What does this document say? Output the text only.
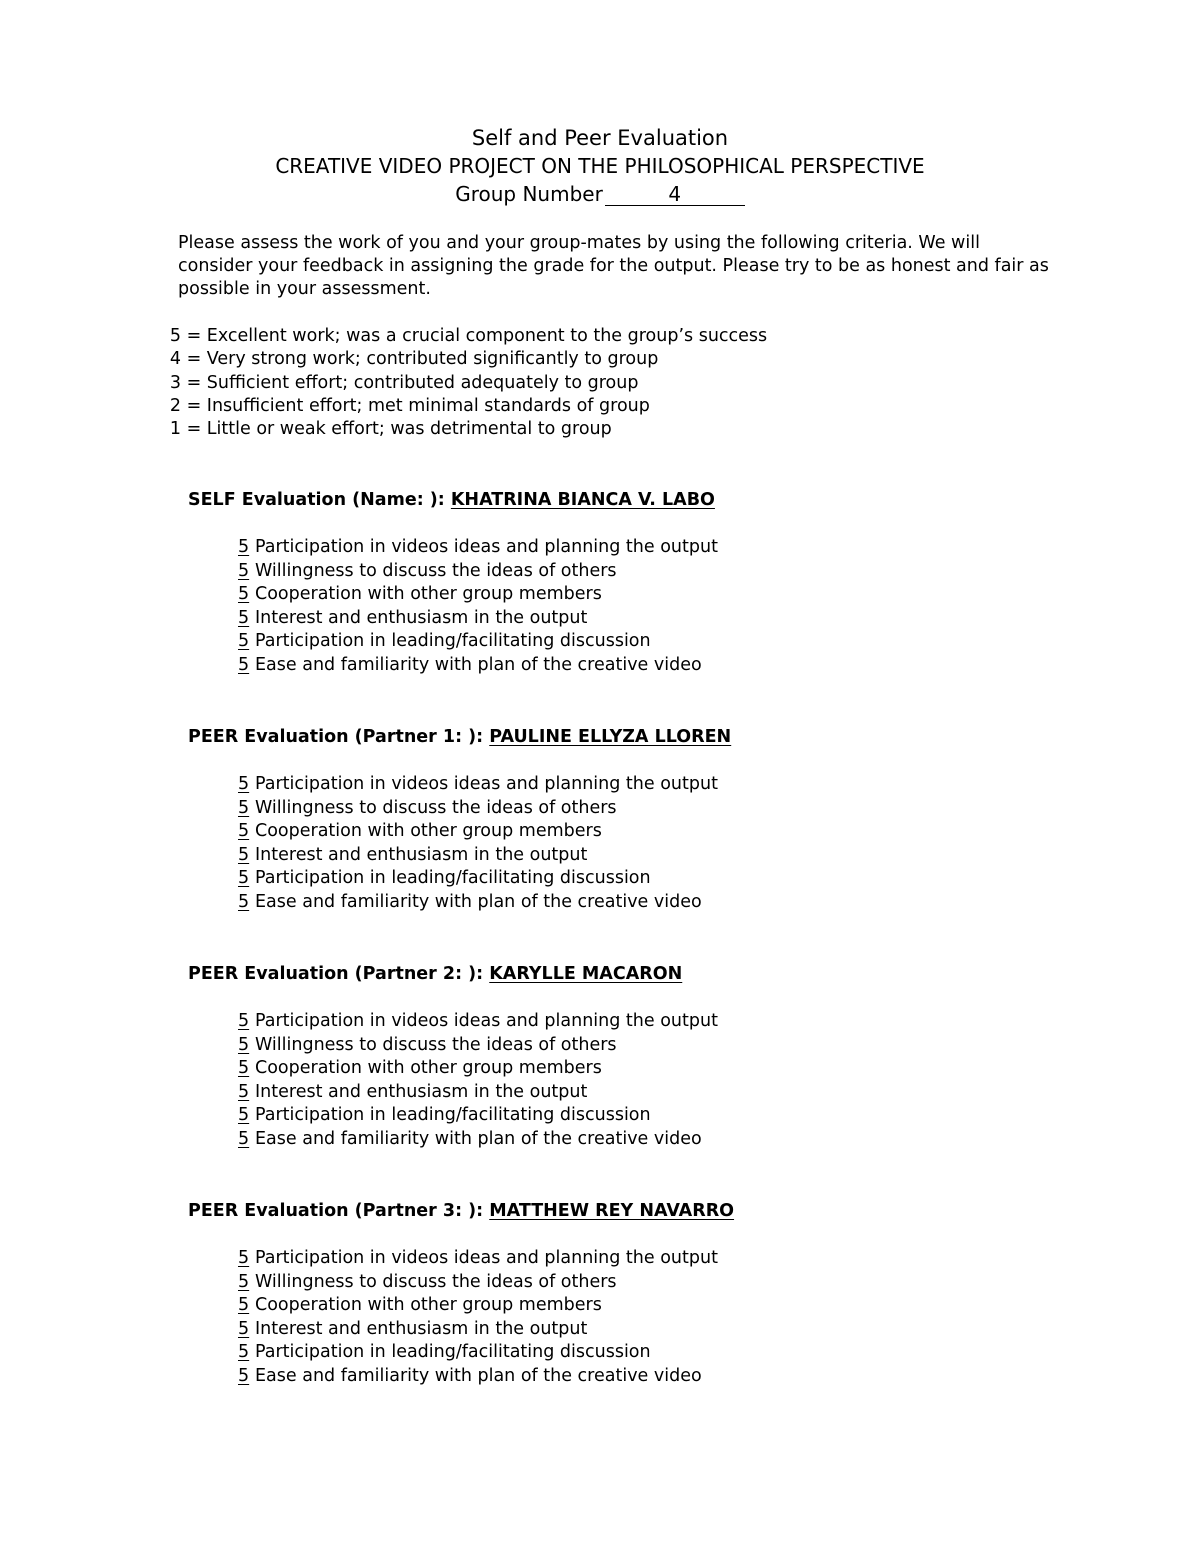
Self and Peer Evaluation
CREATIVE VIDEO PROJECT ON THE PHILOSOPHICAL PERSPECTIVE
Group Number	4

Please assess the work of you and your group-mates by using the following criteria. We will consider your feedback in assigning the grade for the output. Please try to be as honest and fair as possible in your assessment.

5 = Excellent work; was a crucial component to the group’s success
4 = Very strong work; contributed significantly to group
3 = Sufficient effort; contributed adequately to group
2 = Insufficient effort; met minimal standards of group
1 = Little or weak effort; was detrimental to group
SELF Evaluation (Name: ): KHATRINA BIANCA V. LABO
5Participation in videos ideas and planning the output
5Willingness to discuss the ideas of others
5Cooperation with other group members
5Interest and enthusiasm in the output
5Participation in leading/facilitating discussion
5Ease and familiarity with plan of the creative video
PEER Evaluation (Partner 1: ): PAULINE ELLYZA LLOREN
5Participation in videos ideas and planning the output
5Willingness to discuss the ideas of others
5Cooperation with other group members
5Interest and enthusiasm in the output
5Participation in leading/facilitating discussion
5Ease and familiarity with plan of the creative video
PEER Evaluation (Partner 2: ): KARYLLE MACARON
5Participation in videos ideas and planning the output
5Willingness to discuss the ideas of others
5Cooperation with other group members
5Interest and enthusiasm in the output
5Participation in leading/facilitating discussion
5Ease and familiarity with plan of the creative video
PEER Evaluation (Partner 3: ): MATTHEW REY NAVARRO
5Participation in videos ideas and planning the output
5Willingness to discuss the ideas of others
5Cooperation with other group members
5Interest and enthusiasm in the output
5Participation in leading/facilitating discussion
5Ease and familiarity with plan of the creative video
